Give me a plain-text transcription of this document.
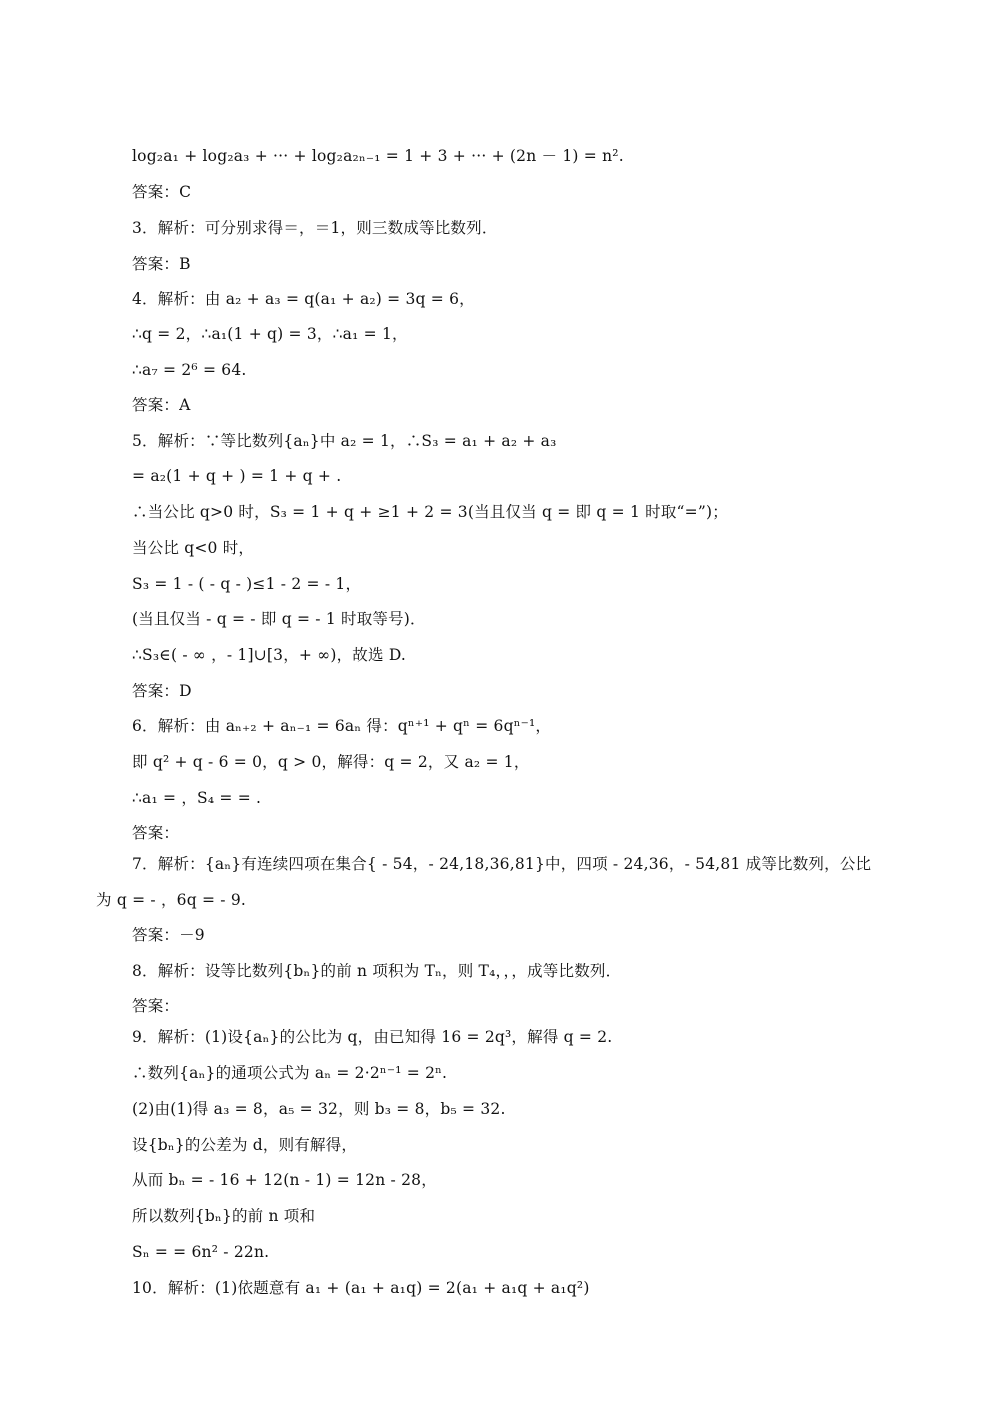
log₂a₁ + log₂a₃ + ··· + log₂a₂ₙ₋₁ = 1 + 3 + ··· + (2n － 1) = n².
答案：C
3．解析：可分别求得＝，＝1，则三数成等比数列．
答案：B
4．解析：由 a₂ + a₃ = q(a₁ + a₂) = 3q = 6，
∴q = 2，∴a₁(1 + q) = 3，∴a₁ = 1，
∴a₇ = 2⁶ = 64.
答案：A
5．解析：∵等比数列{aₙ}中 a₂ = 1，∴S₃ = a₁ + a₂ + a₃
= a₂(1 + q + ) = 1 + q + .
∴当公比 q>0 时，S₃ = 1 + q + ≥1 + 2 = 3(当且仅当 q = 即 q = 1 时取“=”)；
当公比 q<0 时，
S₃ = 1 - ( - q - )≤1 - 2 = - 1，
(当且仅当 - q = - 即 q = - 1 时取等号)．
∴S₃∈( - ∞ ，- 1]∪[3，+ ∞)，故选 D.
答案：D
6．解析：由 aₙ₊₂ + aₙ₋₁ = 6aₙ 得：qⁿ⁺¹ + qⁿ = 6qⁿ⁻¹，
即 q² + q - 6 = 0，q > 0，解得：q = 2，又 a₂ = 1，
∴a₁ = ，S₄ = = .
答案：
7．解析：{aₙ}有连续四项在集合{ - 54，- 24,18,36,81}中，四项 - 24,36，- 54,81 成等比数列，公比
为 q = - ，6q = - 9.
答案：－9
8．解析：设等比数列{bₙ}的前 n 项积为 Tₙ，则 T₄，，，成等比数列．
答案：
9．解析：(1)设{aₙ}的公比为 q，由已知得 16 = 2q³，解得 q = 2.
∴数列{aₙ}的通项公式为 aₙ = 2·2ⁿ⁻¹ = 2ⁿ.
(2)由(1)得 a₃ = 8，a₅ = 32，则 b₃ = 8，b₅ = 32.
设{bₙ}的公差为 d，则有解得，
从而 bₙ = - 16 + 12(n - 1) = 12n - 28，
所以数列{bₙ}的前 n 项和
Sₙ = = 6n² - 22n.
10．解析：(1)依题意有 a₁ + (a₁ + a₁q) = 2(a₁ + a₁q + a₁q²)
